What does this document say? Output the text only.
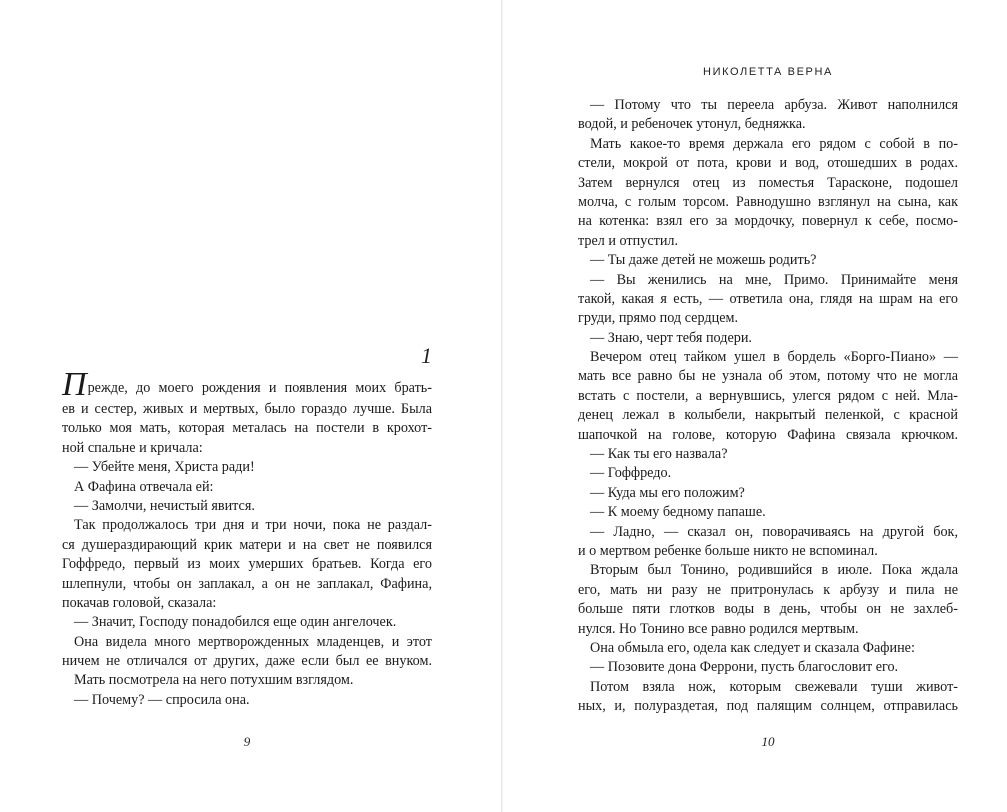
1
Прежде, до моего рождения и появления моих брать-
ев и сестер, живых и мертвых, было гораздо лучше. Была
только моя мать, которая металась на постели в крохот-
ной спальне и кричала:
— Убейте меня, Христа ради!
А Фафина отвечала ей:
— Замолчи, нечистый явится.
Так продолжалось три дня и три ночи, пока не раздал-
ся душераздирающий крик матери и на свет не появился
Гоффредо, первый из моих умерших братьев. Когда его
шлепнули, чтобы он заплакал, а он не заплакал, Фафина,
покачав головой, сказала:
— Значит, Господу понадобился еще один ангелочек.
Она видела много мертворожденных младенцев, и этот
ничем не отличался от других, даже если был ее внуком.
Мать посмотрела на него потухшим взглядом.
— Почему? — спросила она.
9
НИКОЛЕТТА ВЕРНА
— Потому что ты переела арбуза. Живот наполнился
водой, и ребеночек утонул, бедняжка.
Мать какое-то время держала его рядом с собой в по-
стели, мокрой от пота, крови и вод, отошедших в родах.
Затем вернулся отец из поместья Тарасконе, подошел
молча, с голым торсом. Равнодушно взглянул на сына, как
на котенка: взял его за мордочку, повернул к себе, посмо-
трел и отпустил.
— Ты даже детей не можешь родить?
— Вы женились на мне, Примо. Принимайте меня
такой, какая я есть, — ответила она, глядя на шрам на его
груди, прямо под сердцем.
— Знаю, черт тебя подери.
Вечером отец тайком ушел в бордель «Борго-Пиано» —
мать все равно бы не узнала об этом, потому что не могла
встать с постели, а вернувшись, улегся рядом с ней. Мла-
денец лежал в колыбели, накрытый пеленкой, с красной
шапочкой на голове, которую Фафина связала крючком.
— Как ты его назвала?
— Гоффредо.
— Куда мы его положим?
— К моему бедному папаше.
— Ладно, — сказал он, поворачиваясь на другой бок,
и о мертвом ребенке больше никто не вспоминал.
Вторым был Тонино, родившийся в июле. Пока ждала
его, мать ни разу не притронулась к арбузу и пила не
больше пяти глотков воды в день, чтобы он не захлеб-
нулся. Но Тонино все равно родился мертвым.
Она обмыла его, одела как следует и сказала Фафине:
— Позовите дона Феррони, пусть благословит его.
Потом взяла нож, которым свежевали туши живот-
ных, и, полураздетая, под палящим солнцем, отправилась
10
